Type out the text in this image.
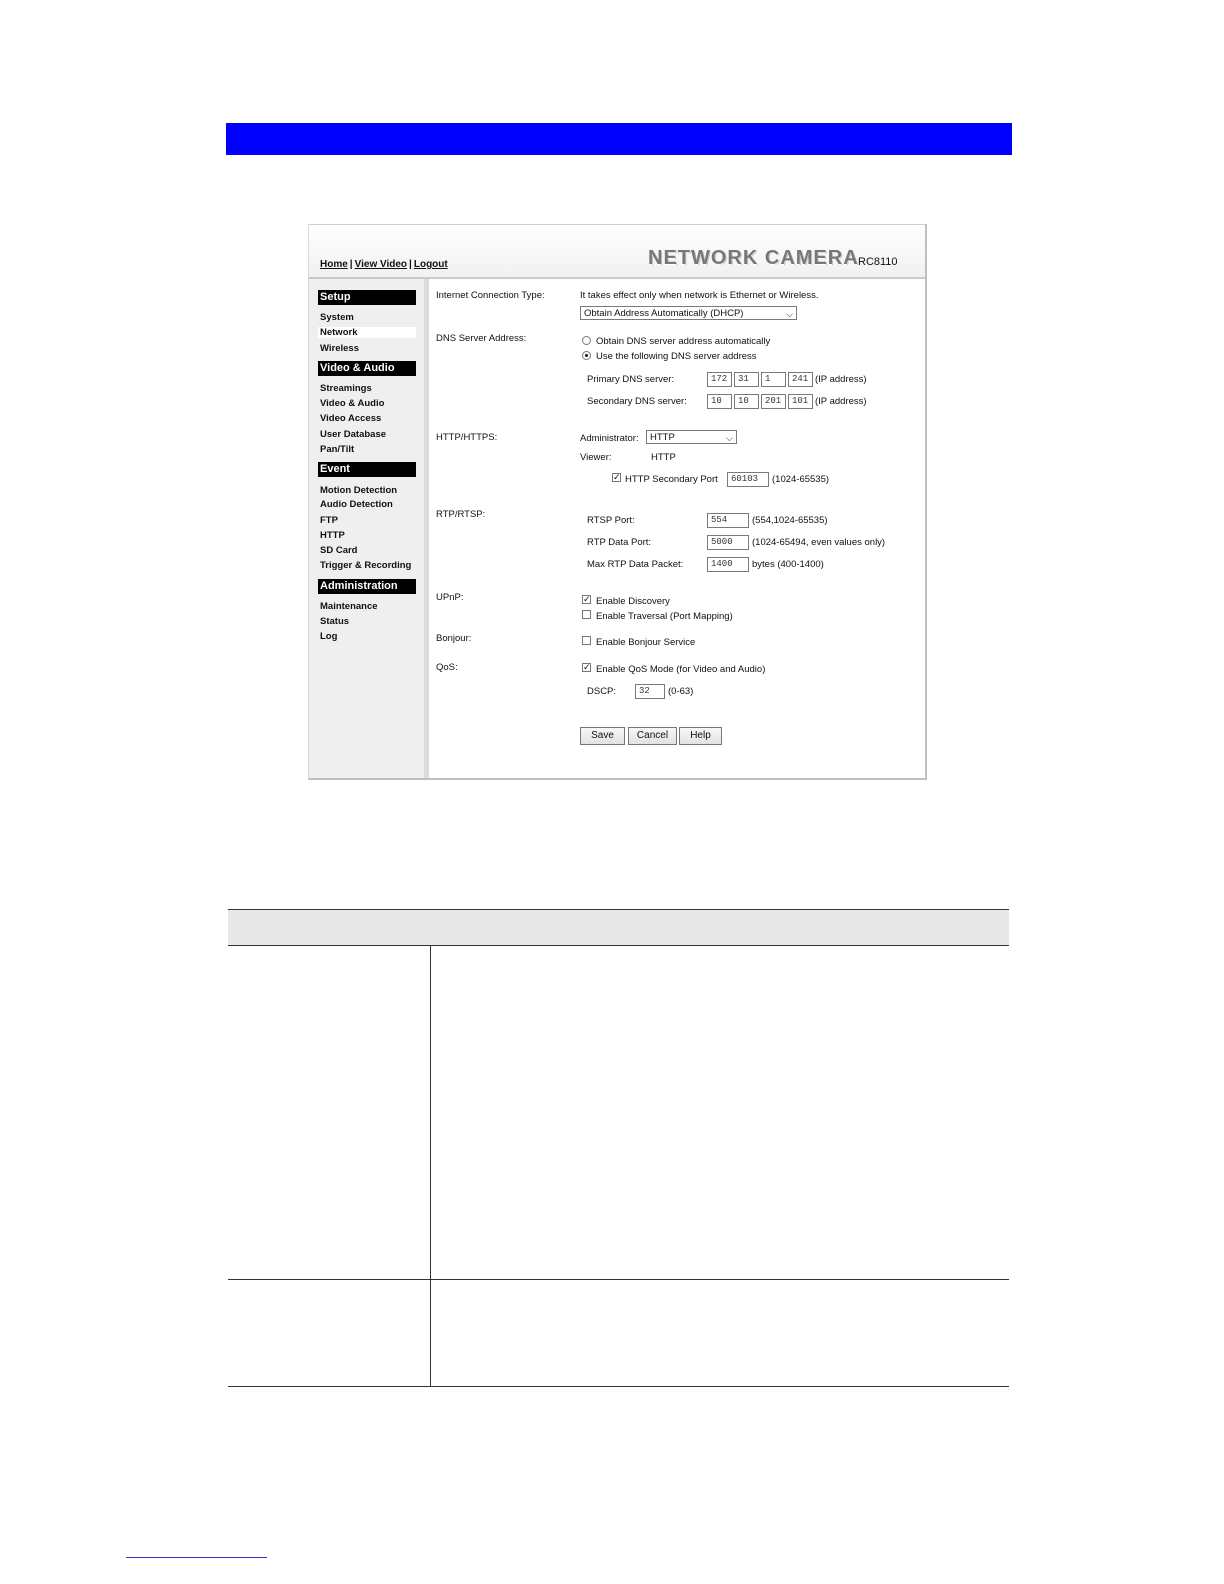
Home | View Video | Logout	NETWORK CAMERA RC8110
Setup
System
Network
Wireless
Video & Audio
Streamings
Video & Audio
Video Access
User Database
Pan/Tilt
Event
Motion Detection
Audio Detection
FTP
HTTP
SD Card
Trigger & Recording
Administration
Maintenance
Status
Log
Internet Connection Type:	It takes effect only when network is Ethernet or Wireless.
Obtain Address Automatically (DHCP)	⌵
DNS Server Address:	Obtain DNS server address automatically
Use the following DNS server address
Primary DNS server:	172	31	1	241 (IP address)
Secondary DNS server:	10	10	201	101 (IP address)
HTTP/HTTPS:	Administrator:	HTTP	⌵
Viewer:	HTTP
✓ HTTP Secondary Port	60103	(1024-65535)
RTP/RTSP:
RTSP Port:	554	(554,1024-65535)
RTP Data Port:	5000	(1024-65494, even values only)
Max RTP Data Packet:	1400	bytes (400-1400)
UPnP:	✓ Enable Discovery
Enable Traversal (Port Mapping)
Bonjour:	Enable Bonjour Service
QoS:	✓ Enable QoS Mode (for Video and Audio)
DSCP:	32	(0-63)
Save	Cancel	Help
